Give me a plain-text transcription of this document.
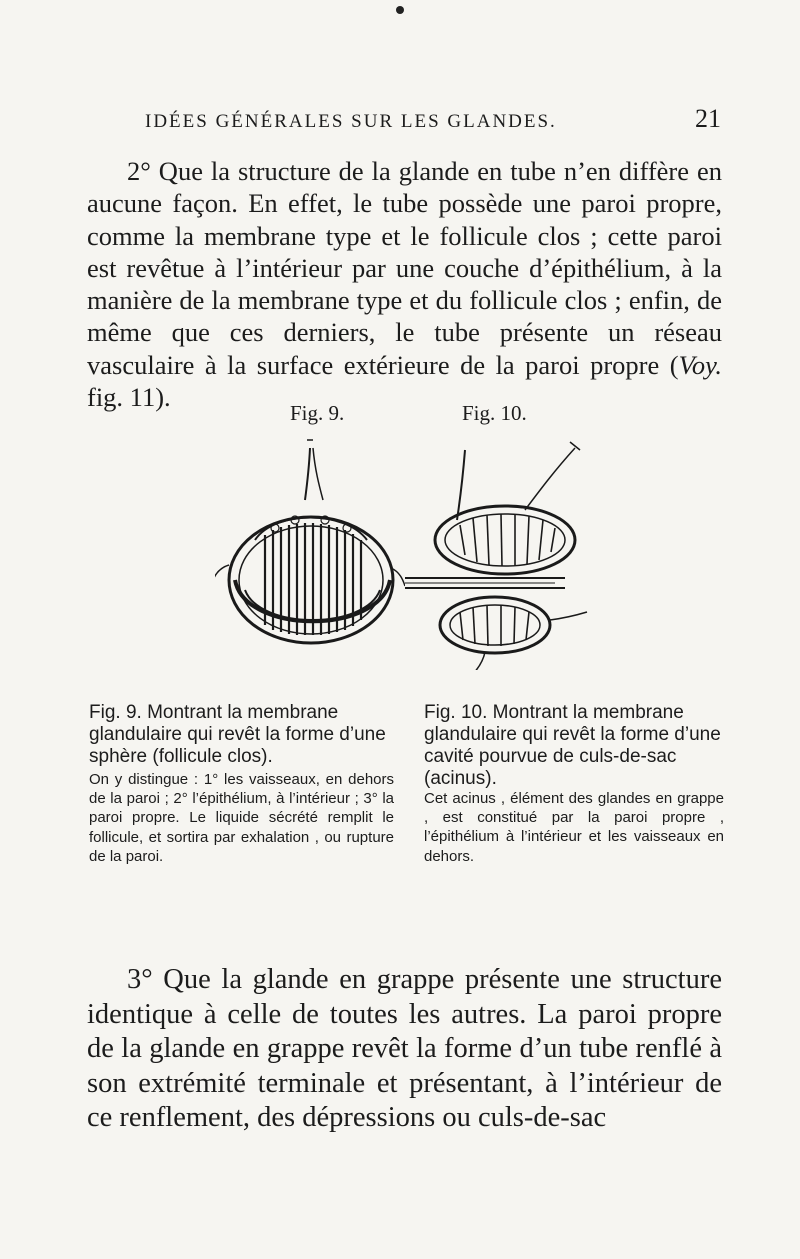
IDÉES GÉNÉRALES SUR LES GLANDES.	21

2° Que la structure de la glande en tube n’en diffère en aucune façon. En effet, le tube possède une paroi propre, comme la membrane type et le follicule clos ; cette paroi est revêtue à l’intérieur par une couche d’épithélium, à la manière de la membrane type et du follicule clos ; enfin, de même que ces derniers, le tube présente un réseau vasculaire à la surface extérieure de la paroi propre (Voy. fig. 11).

Fig. 9.	Fig. 10.

Fig. 9. Montrant la membrane glandulaire qui revêt la forme d’une sphère (follicule clos).

On y distingue : 1° les vaisseaux, en dehors de la paroi ; 2° l’épithélium, à l’intérieur ; 3° la paroi propre. Le liquide sécrété remplit le follicule, et sortira par exhalation , ou rupture de la paroi.

Fig. 10. Montrant la membrane glandulaire qui revêt la forme d’une cavité pourvue de culs-de-sac (acinus).

Cet acinus , élément des glandes en grappe , est constitué par la paroi propre , l’épithélium à l’intérieur et les vaisseaux en dehors.

3° Que la glande en grappe présente une structure identique à celle de toutes les autres. La paroi propre de la glande en grappe revêt la forme d’un tube renflé à son extrémité terminale et présentant, à l’intérieur de ce renflement, des dépressions ou culs-de-sac
